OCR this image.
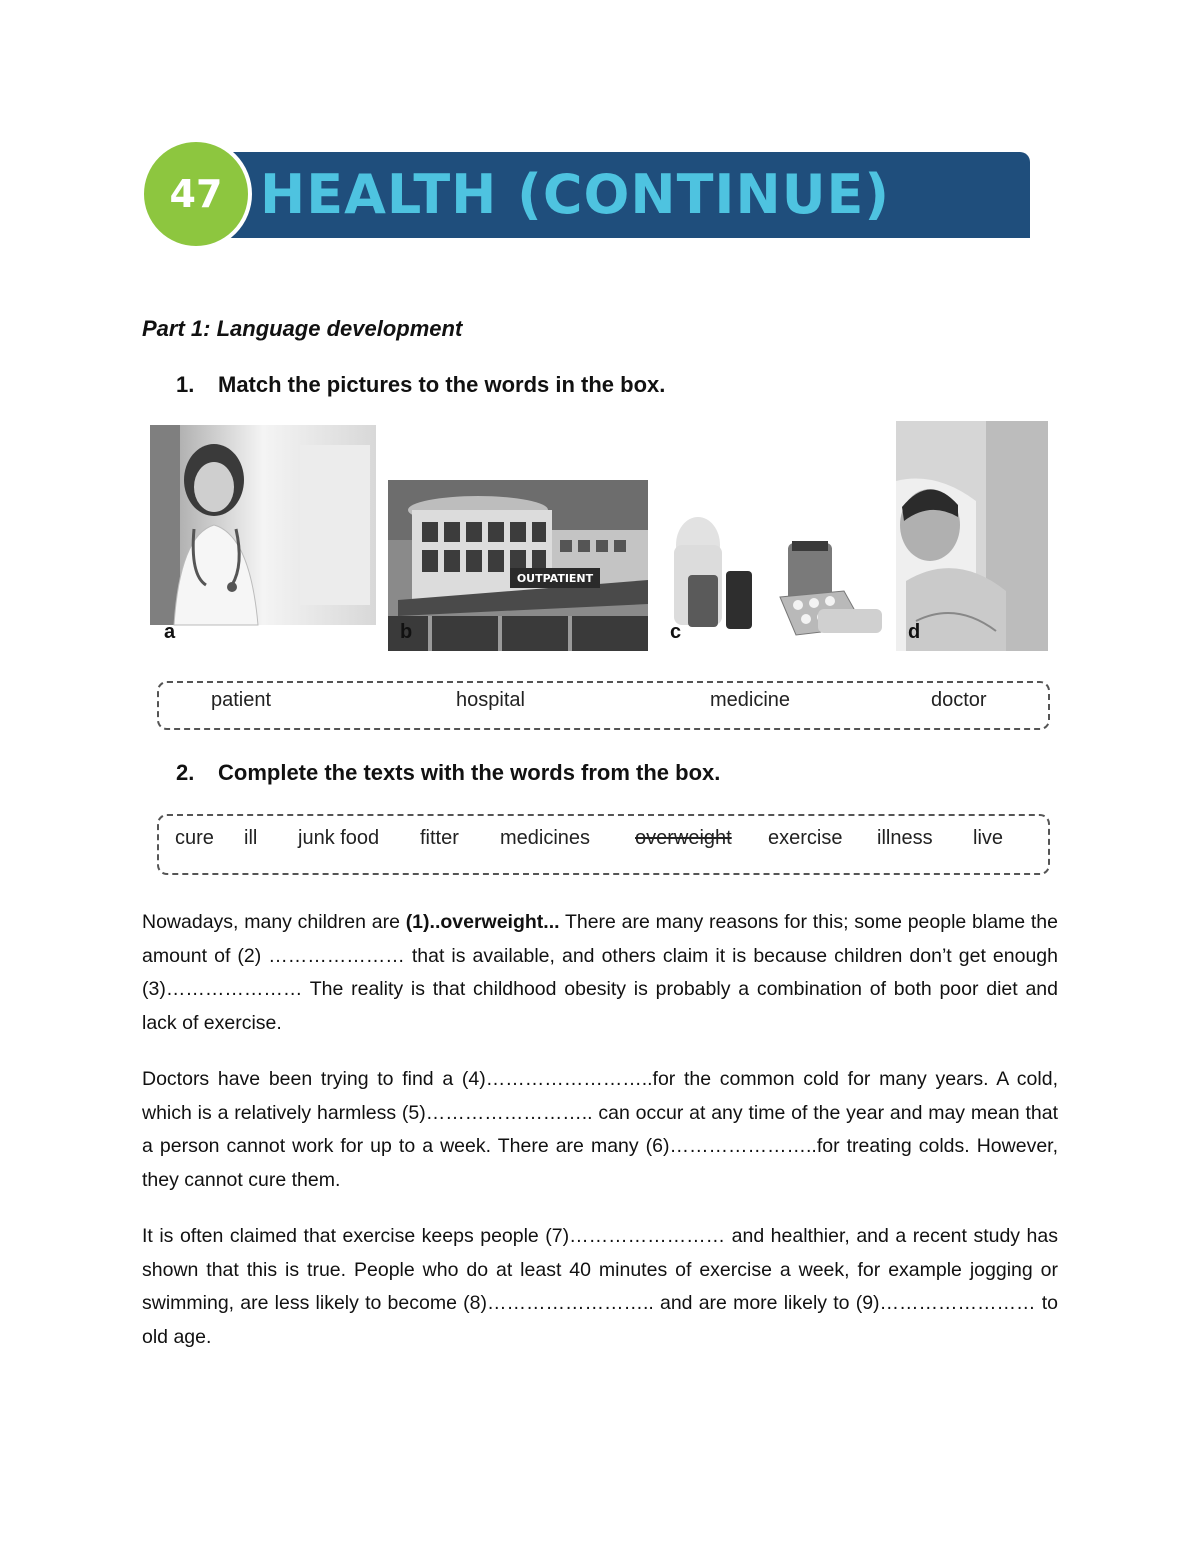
HEALTH (CONTINUE)
47
Part 1: Language development
1. Match the pictures to the words in the box.
a
OUTPATIENT
b	c	d
patient	hospital	medicine	doctor
2. Complete the texts with the words from the box.
cure ill junk food fitter medicines overweight exercise illness live

Nowadays, many children are (1)..overweight... There are many reasons for this; some people blame the amount of (2) ………………… that is available, and others claim it is because children don’t get enough (3)………………… The reality is that childhood obesity is probably a combination of both poor diet and lack of exercise.

Doctors have been trying to find a (4)……………………..for the common cold for many years. A cold, which is a relatively harmless (5)…………………….. can occur at any time of the year and may mean that a person cannot work for up to a week. There are many (6)…………………..for treating colds. However, they cannot cure them.

It is often claimed that exercise keeps people (7)…………………… and healthier, and a recent study has shown that this is true. People who do at least 40 minutes of exercise a week, for example jogging or swimming, are less likely to become (8)…………………….. and are more likely to (9)…………………… to old age.
